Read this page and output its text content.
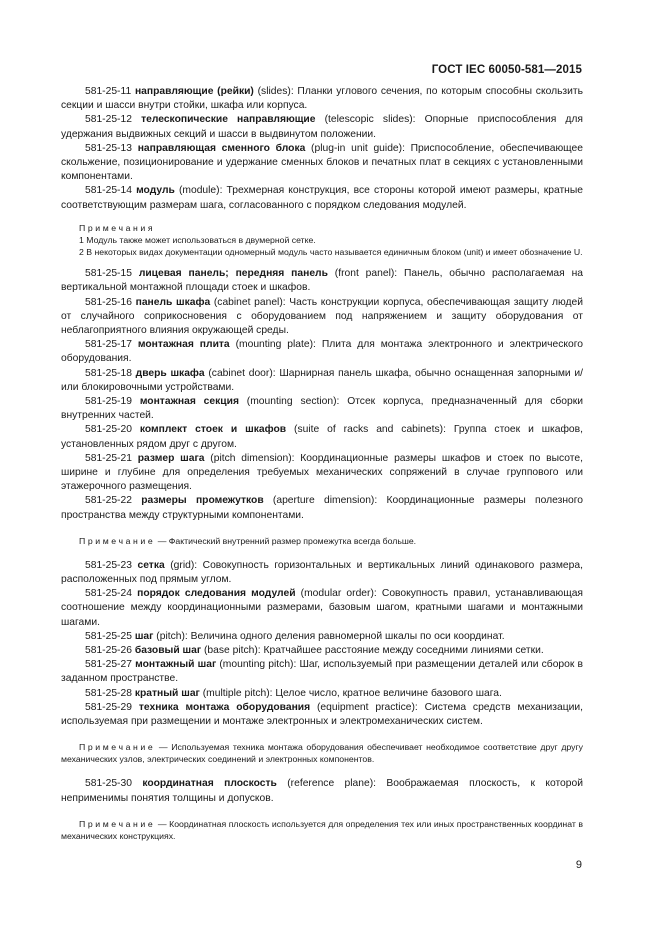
ГОСТ IEC 60050-581—2015

581-25-11 направляющие (рейки) (slides): Планки углового сечения, по которым способны скользить секции и шасси внутри стойки, шкафа или корпуса.

581-25-12 телескопические направляющие (telescopic slides): Опорные приспособления для удержания выдвижных секций и шасси в выдвинутом положении.

581-25-13 направляющая сменного блока (plug-in unit guide): Приспособление, обеспечивающее скольжение, позиционирование и удержание сменных блоков и печатных плат в секциях с установленными компонентами.

581-25-14 модуль (module): Трехмерная конструкция, все стороны которой имеют размеры, кратные соответствующим размерам шага, согласованного с порядком следования модулей.

Примечания

1 Модуль также может использоваться в двумерной сетке.

2 В некоторых видах документации одномерный модуль часто называется единичным блоком (unit) и имеет обозначение U.

581-25-15 лицевая панель; передняя панель (front panel): Панель, обычно располагаемая на вертикальной монтажной площади стоек и шкафов.

581-25-16 панель шкафа (cabinet panel): Часть конструкции корпуса, обеспечивающая защиту людей от случайного соприкосновения с оборудованием под напряжением и защиту оборудования от неблагоприятного влияния окружающей среды.

581-25-17 монтажная плита (mounting plate): Плита для монтажа электронного и электрического оборудования.

581-25-18 дверь шкафа (cabinet door): Шарнирная панель шкафа, обычно оснащенная запорными и/или блокировочными устройствами.

581-25-19 монтажная секция (mounting section): Отсек корпуса, предназначенный для сборки внутренних частей.

581-25-20 комплект стоек и шкафов (suite of racks and cabinets): Группа стоек и шкафов, установленных рядом друг с другом.

581-25-21 размер шага (pitch dimension): Координационные размеры шкафов и стоек по высоте, ширине и глубине для определения требуемых механических сопряжений в случае группового или этажерочного размещения.

581-25-22 размеры промежутков (aperture dimension): Координационные размеры полезного пространства между структурными компонентами.

Примечание — Фактический внутренний размер промежутка всегда больше.

581-25-23 сетка (grid): Совокупность горизонтальных и вертикальных линий одинакового размера, расположенных под прямым углом.

581-25-24 порядок следования модулей (modular order): Совокупность правил, устанавливающая соотношение между координационными размерами, базовым шагом, кратными шагами и монтажными шагами.

581-25-25 шаг (pitch): Величина одного деления равномерной шкалы по оси координат.

581-25-26 базовый шаг (base pitch): Кратчайшее расстояние между соседними линиями сетки.

581-25-27 монтажный шаг (mounting pitch): Шаг, используемый при размещении деталей или сборок в заданном пространстве.

581-25-28 кратный шаг (multiple pitch): Целое число, кратное величине базового шага.

581-25-29 техника монтажа оборудования (equipment practice): Система средств механизации, используемая при размещении и монтаже электронных и электромеханических систем.

Примечание — Используемая техника монтажа оборудования обеспечивает необходимое соответствие друг другу механических узлов, электрических соединений и электронных компонентов.

581-25-30 координатная плоскость (reference plane): Воображаемая плоскость, к которой неприменимы понятия толщины и допусков.

Примечание — Координатная плоскость используется для определения тех или иных пространственных координат в механических конструкциях.

9
